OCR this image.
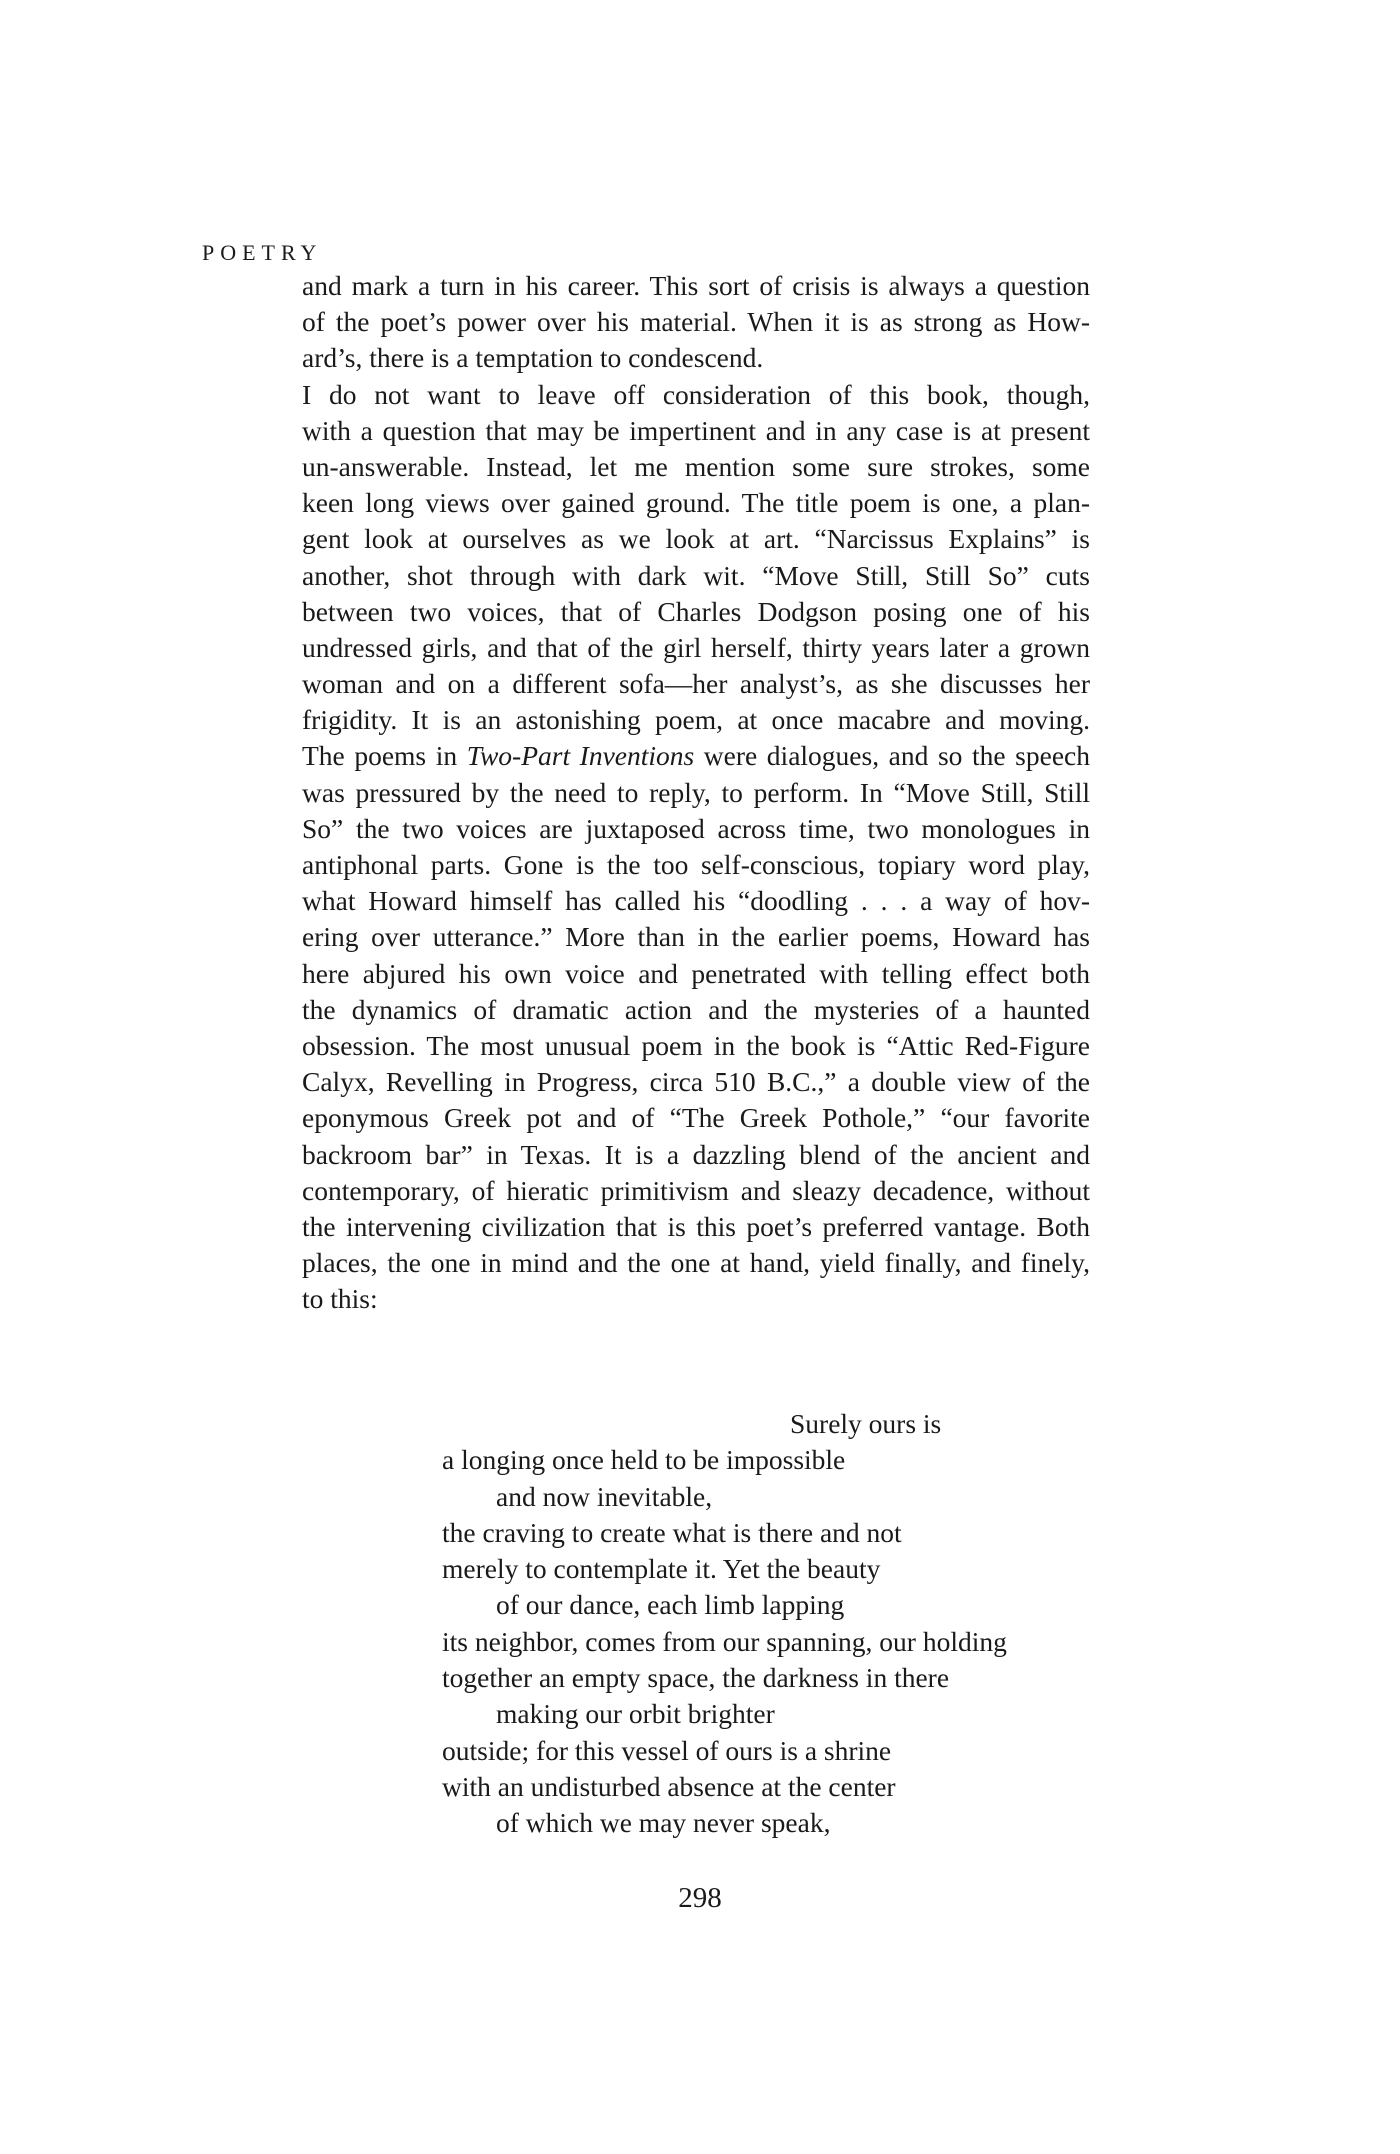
POETRY
and mark a turn in his career. This sort of crisis is always a question
of the poet’s power over his material. When it is as strong as How-
ard’s, there is a temptation to condescend.
I do not want to leave off consideration of this book, though,
with a question that may be impertinent and in any case is at present
un-answerable. Instead, let me mention some sure strokes, some
keen long views over gained ground. The title poem is one, a plan-
gent look at ourselves as we look at art. “Narcissus Explains” is
another, shot through with dark wit. “Move Still, Still So” cuts
between two voices, that of Charles Dodgson posing one of his
undressed girls, and that of the girl herself, thirty years later a grown
woman and on a different sofa—her analyst’s, as she discusses her
frigidity. It is an astonishing poem, at once macabre and moving.
The poems in Two-Part Inventions were dialogues, and so the speech
was pressured by the need to reply, to perform. In “Move Still, Still
So” the two voices are juxtaposed across time, two monologues in
antiphonal parts. Gone is the too self-conscious, topiary word play,
what Howard himself has called his “doodling . . . a way of hov-
ering over utterance.” More than in the earlier poems, Howard has
here abjured his own voice and penetrated with telling effect both
the dynamics of dramatic action and the mysteries of a haunted
obsession. The most unusual poem in the book is “Attic Red-Figure
Calyx, Revelling in Progress, circa 510 B.C.,” a double view of the
eponymous Greek pot and of “The Greek Pothole,” “our favorite
backroom bar” in Texas. It is a dazzling blend of the ancient and
contemporary, of hieratic primitivism and sleazy decadence, without
the intervening civilization that is this poet’s preferred vantage. Both
places, the one in mind and the one at hand, yield finally, and finely,
to this:
Surely ours is
a longing once held to be impossible
and now inevitable,
the craving to create what is there and not
merely to contemplate it. Yet the beauty
of our dance, each limb lapping
its neighbor, comes from our spanning, our holding
together an empty space, the darkness in there
making our orbit brighter
outside; for this vessel of ours is a shrine
with an undisturbed absence at the center
of which we may never speak,
298
